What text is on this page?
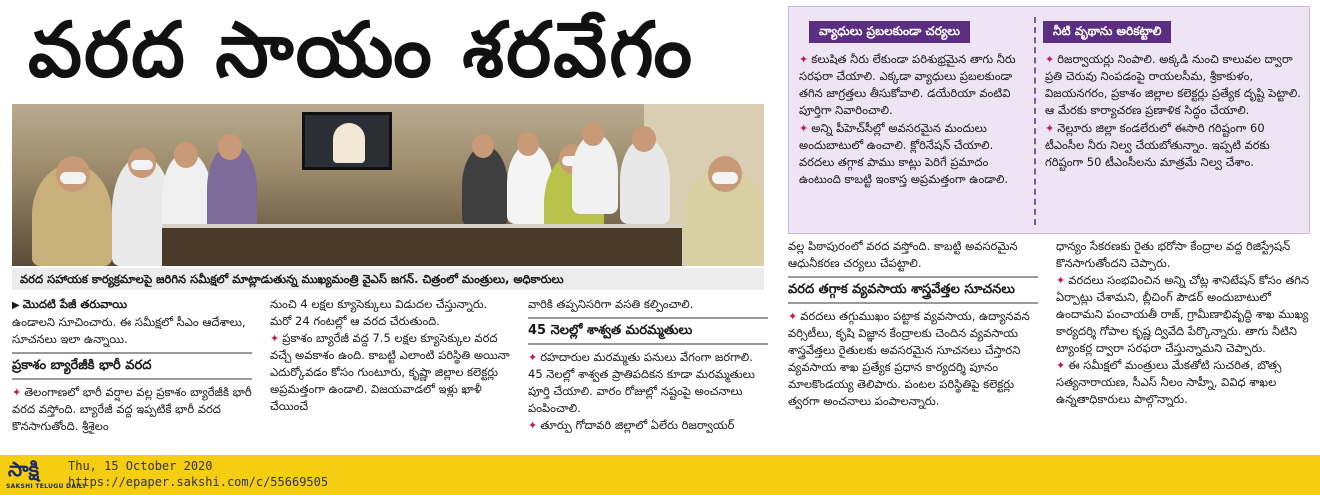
వరద సాయం శరవేగం
వరద సహాయక కార్యక్రమాలపై జరిగిన సమీక్షలో మాట్లాడుతున్న ముఖ్యమంత్రి వైఎస్ జగన్. చిత్రంలో మంత్రులు, అధికారులు

▶ మొదటి పేజీ తరువాయి

ఉండాలని సూచించారు. ఈ సమీక్షలో సీఎం ఆదేశాలు, సూచనలు ఇలా ఉన్నాయి.

ప్రకాశం బ్యారేజీకి భారీ వరద

✦ తెలంగాణలో భారీ వర్షాల వల్ల ప్రకాశం బ్యారేజీకి భారీ వరద వస్తోంది. బ్యారేజీ వద్ద ఇప్పటికే భారీ వరద కొనసాగుతోంది. శ్రీశైలం

నుంచి 4 లక్షల క్యూసెక్కులు విడుదల చేస్తున్నారు. మరో 24 గంటల్లో ఆ వరద చేరుతుంది.

✦ ప్రకాశం బ్యారేజీ వద్ద 7.5 లక్షల క్యూసెక్కుల వరద వచ్చే అవకాశం ఉంది. కాబట్టి ఎలాంటి పరిస్థితి అయినా ఎదుర్కోవడం కోసం గుంటూరు, కృష్ణా జిల్లాల కలెక్టర్లు అప్రమత్తంగా ఉండాలి. విజయవాడలో ఇళ్లు ఖాళీ చేయించే

వారికి తప్పనిసరిగా వసతి కల్పించాలి.

45 నెలల్లో శాశ్వత మరమ్మతులు

✦ రహదారుల మరమ్మతు పనులు వేగంగా జరగాలి. 45 నెలల్లో శాశ్వత ప్రాతిపదికన కూడా మరమ్మతులు పూర్తి చేయాలి. వారం రోజుల్లో నష్టంపై అంచనాలు పంపించాలి.

✦ తూర్పు గోదావరి జిల్లాలో ఏలేరు రిజర్వాయర్

వల్ల పిఠాపురంలో వరద వస్తోంది. కాబట్టి అవసరమైన ఆధునీకరణ చర్యలు చేపట్టాలి.

వరద తగ్గాక వ్యవసాయ శాస్త్రవేత్తల సూచనలు

✦ వరదలు తగ్గుముఖం పట్టాక వ్యవసాయ, ఉద్యానవన వర్సిటీలు, కృషి విజ్ఞాన కేంద్రాలకు చెందిన వ్యవసాయ శాస్త్రవేత్తలు రైతులకు అవసరమైన సూచనలు చేస్తారని వ్యవసాయ శాఖ ప్రత్యేక ప్రధాన కార్యదర్శి పూనం మాలకొండయ్య తెలిపారు. పంటల పరిస్థితిపై కలెక్టర్లు త్వరగా అంచనాలు పంపాలన్నారు.

ధాన్యం సేకరణకు రైతు భరోసా కేంద్రాల వద్ద రిజిస్ట్రేషన్ కొనసాగుతోందని చెప్పారు.

✦ వరదలు సంభవించిన అన్ని చోట్ల శానిటేషన్ కోసం తగిన ఏర్పాట్లు చేశామని, బ్లీచింగ్ పౌడర్ అందుబాటులో ఉందామని పంచాయతీ రాజ్, గ్రామీణాభివృద్ధి శాఖ ముఖ్య కార్యదర్శి గోపాల కృష్ణ ద్వివేది పేర్కొన్నారు. తాగు నీటిని ట్యాంకర్ల ద్వారా సరఫరా చేస్తున్నామని చెప్పారు.

✦ ఈ సమీక్షలో మంత్రులు మేకతోటి సుచరిత, బొత్స సత్యనారాయణ, సీఎస్ నీలం సాహ్నీ, వివిధ శాఖల ఉన్నతాధికారులు పాల్గొన్నారు.

వ్యాధులు ప్రబలకుండా చర్యలు	నీటి వృథాను అరికట్టాలి

✦ కలుషిత నీరు లేకుండా పరిశుభ్రమైన తాగు నీరు సరఫరా చేయాలి. ఎక్కడా వ్యాధులు ప్రబలకుండా తగిన జాగ్రత్తలు తీసుకోవాలి. డయేరియా వంటివి పూర్తిగా నివారించాలి.

✦ అన్ని పీహెచ్‌సీల్లో అవసరమైన మందులు అందుబాటులో ఉంచాలి. క్లోరినేషన్ చేయాలి. వరదలు తగ్గాక పాము కాట్లు పెరిగే ప్రమాదం ఉంటుంది కాబట్టి ఇంకాస్త అప్రమత్తంగా ఉండాలి.

✦ రిజర్వాయర్లు నింపాలి. అక్కడి నుంచి కాలువల ద్వారా ప్రతి చెరువు నింపడంపై రాయలసీమ, శ్రీకాకుళం, విజయనగరం, ప్రకాశం జిల్లాల కలెక్టర్లు ప్రత్యేక దృష్టి పెట్టాలి. ఆ మేరకు కార్యాచరణ ప్రణాళిక సిద్ధం చేయాలి.

✦ నెల్లూరు జిల్లా కండలేరులో ఈసారి గరిష్టంగా 60 టీఎంసీల నీరు నిల్వ చేయబోతున్నాం. ఇప్పటి వరకు గరిష్టంగా 50 టీఎంసీలను మాత్రమే నిల్వ చేశాం.

సాక్షి
SAKSHI TELUGU DAILY
Thu, 15 October 2020
https://epaper.sakshi.com/c/55669505
